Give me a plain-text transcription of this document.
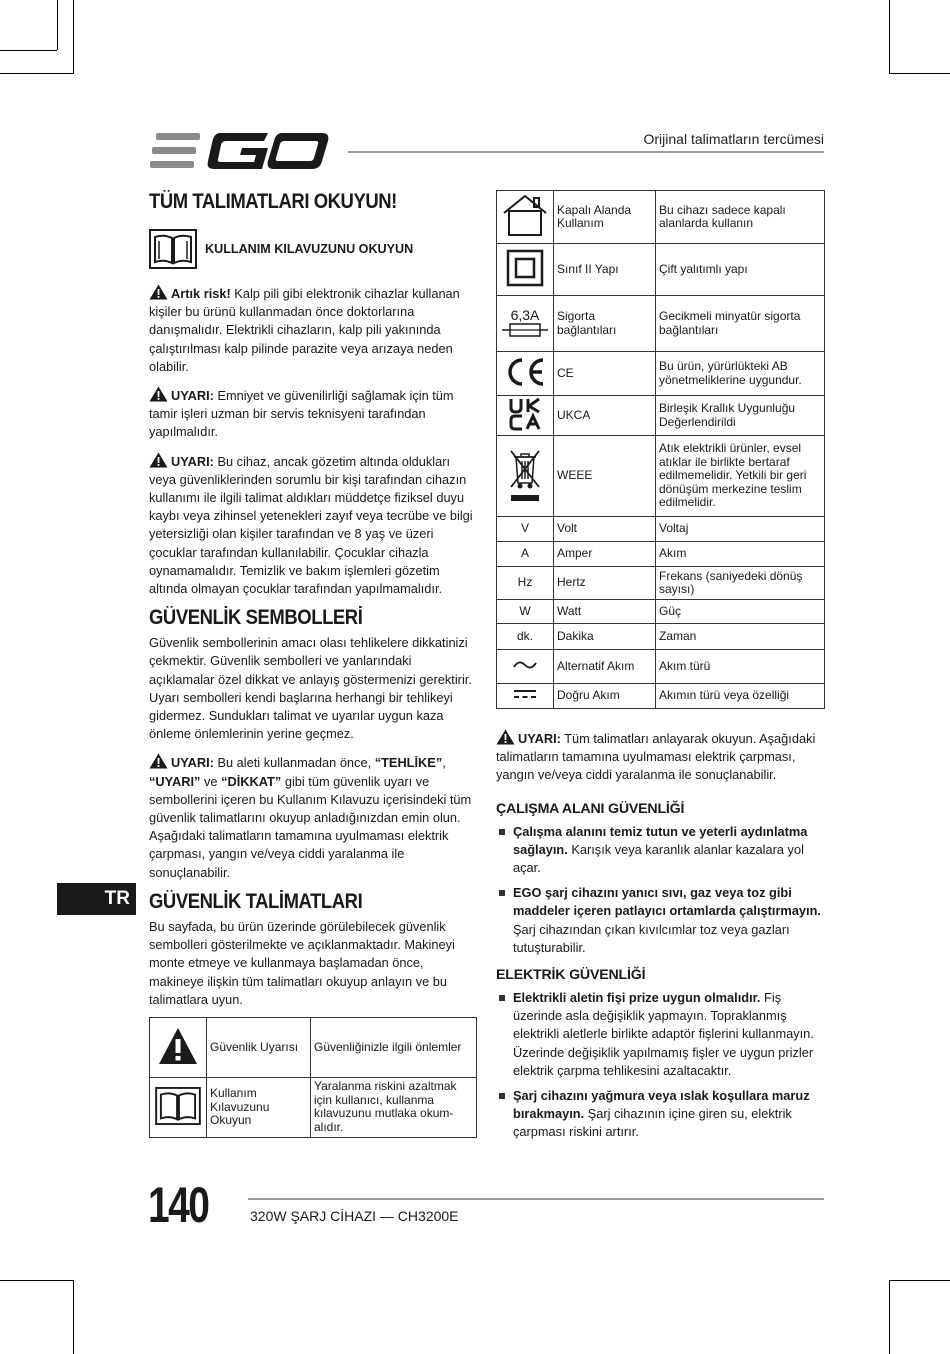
Orijinal talimatların tercümesi
TÜM TALIMATLARI OKUYUN!
KULLANIM KILAVUZUNU OKUYUN

Artık risk! Kalp pili gibi elektronik cihazlar kullanan kişiler bu ürünü kullanmadan önce doktorlarına danışmalıdır. Elektrikli cihazların, kalp pili yakınında çalıştırılması kalp pilinde parazite veya arızaya neden olabilir.

UYARI: Emniyet ve güvenilirliği sağlamak için tüm tamir işleri uzman bir servis teknisyeni tarafından yapılmalıdır.

UYARI: Bu cihaz, ancak gözetim altında oldukları veya güvenliklerinden sorumlu bir kişi tarafından cihazın kullanımı ile ilgili talimat aldıkları müddetçe fiziksel duyu kaybı veya zihinsel yetenekleri zayıf veya tecrübe ve bilgi yetersizliği olan kişiler tarafından ve 8 yaş ve üzeri çocuklar tarafından kullanılabilir. Çocuklar cihazla oynamamalıdır. Temizlik ve bakım işlemleri gözetim altında olmayan çocuklar tarafından yapılmamalıdır.

GÜVENLİK SEMBOLLERİ

Güvenlik sembollerinin amacı olası tehlikelere dikkatinizi çekmektir. Güvenlik sembolleri ve yanlarındaki açıklamalar özel dikkat ve anlayış göstermenizi gerektirir. Uyarı sembolleri kendi başlarına herhangi bir tehlikeyi gidermez. Sundukları talimat ve uyarılar uygun kaza önleme önlemlerinin yerine geçmez.

UYARI: Bu aleti kullanmadan önce, “TEHLİKE”, “UYARI” ve “DİKKAT” gibi tüm güvenlik uyarı ve sembollerini içeren bu Kullanım Kılavuzu içerisindeki tüm güvenlik talimatlarını okuyup anladığınızdan emin olun. Aşağıdaki talimatların tamamına uyulmaması elektrik çarpması, yangın ve/veya ciddi yaralanma ile sonuçlanabilir.

GÜVENLİK TALİMATLARI

Bu sayfada, bu ürün üzerinde görülebilecek güvenlik sembolleri gösterilmekte ve açıklanmaktadır. Makineyi monte etmeye ve kullanmaya başlamadan önce, makineye ilişkin tüm talimatları okuyup anlayın ve bu talimatlara uyun.

	Güvenlik Uyarısı	Güvenliğinizle ilgili önlemler
	Kullanım Kılavuzunu Okuyun	Yaralanma riskini azaltmak için kullanıcı, kullanma kılavuzunu mutlaka okum-alıdır.
	Kapalı Alanda Kullanım	Bu cihazı sadece kapalı alanlarda kullanın
	Sınıf II Yapı	Çift yalıtımlı yapı

6,3A	Sigorta bağlantıları	Gecikmeli minyatür sigorta bağlantıları
	CE	Bu ürün, yürürlükteki AB yönetmeliklerine uygundur.
	UKCA	Birleşik Krallık Uygunluğu Değerlendirildi
	WEEE	Atık elektrikli ürünler, evsel atıklar ile birlikte bertaraf edilmemelidir. Yetkili bir geri dönüşüm merkezine teslim edilmelidir.
V	Volt	Voltaj
A	Amper	Akım
Hz	Hertz	Frekans (saniyedeki dönüş sayısı)
W	Watt	Güç
dk.	Dakika	Zaman
	Alternatif Akım	Akım türü
	Doğru Akım	Akımın türü veya özelliği

UYARI: Tüm talimatları anlayarak okuyun. Aşağıdaki talimatların tamamına uyulmaması elektrik çarpması, yangın ve/veya ciddi yaralanma ile sonuçlanabilir.

ÇALIŞMA ALANI GÜVENLİĞİ
Çalışma alanını temiz tutun ve yeterli aydınlatma sağlayın. Karışık veya karanlık alanlar kazalara yol açar.
EGO şarj cihazını yanıcı sıvı, gaz veya toz gibi maddeler içeren patlayıcı ortamlarda çalıştırmayın. Şarj cihazından çıkan kıvılcımlar toz veya gazları tutuşturabilir.
ELEKTRİK GÜVENLİĞİ
Elektrikli aletin fişi prize uygun olmalıdır. Fiş üzerinde asla değişiklik yapmayın. Topraklanmış elektrikli aletlerle birlikte adaptör fişlerini kullanmayın. Üzerinde değişiklik yapılmamış fişler ve uygun prizler elektrik çarpma tehlikesini azaltacaktır.
Şarj cihazını yağmura veya ıslak koşullara maruz bırakmayın. Şarj cihazının içine giren su, elektrik çarpması riskini artırır.
TR
140	320W ŞARJ CİHAZI — CH3200E
